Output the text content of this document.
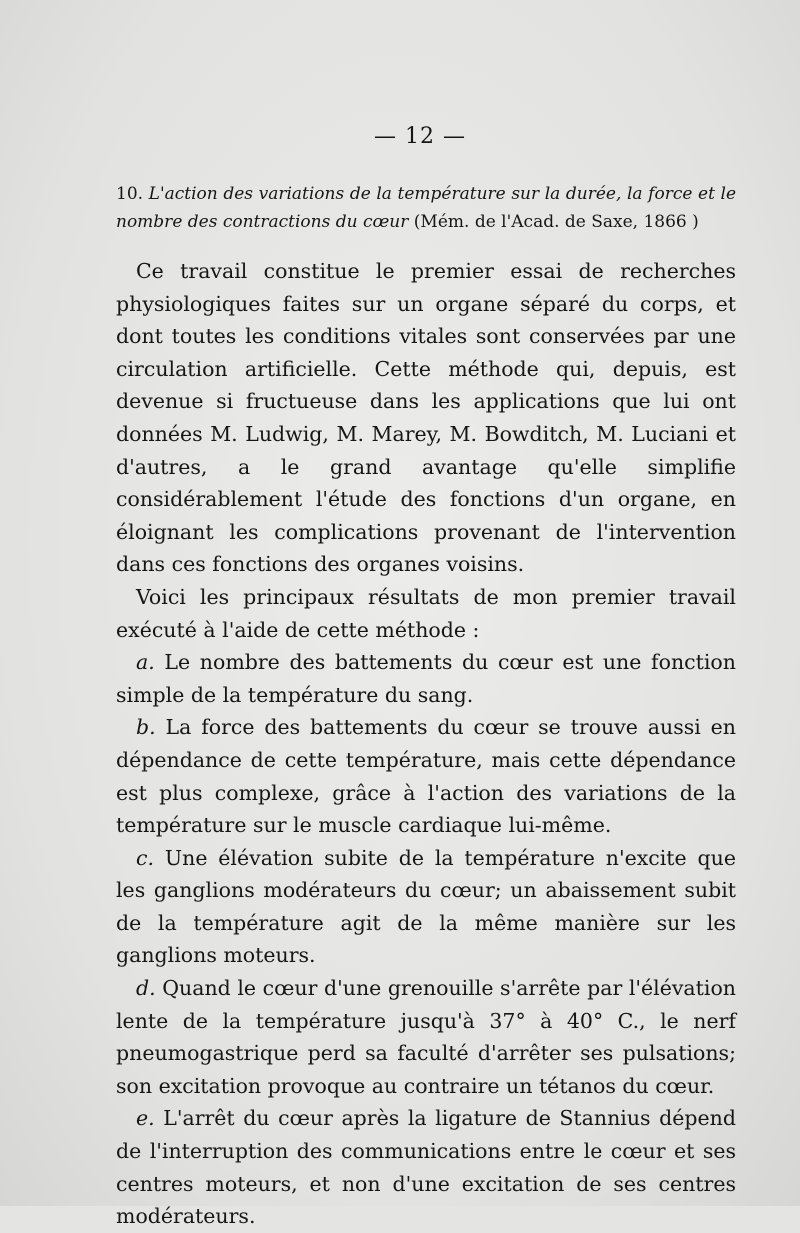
— 12 —
10. L'action des variations de la température sur la durée, la force et le nombre des contractions du cœur (Mém. de l'Acad. de Saxe, 1866 )

Ce travail constitue le premier essai de recherches physiologiques faites sur un organe séparé du corps, et dont toutes les conditions vitales sont conservées par une circulation artificielle. Cette méthode qui, depuis, est devenue si fructueuse dans les applications que lui ont données M. Ludwig, M. Marey, M. Bowditch, M. Luciani et d'autres, a le grand avantage qu'elle simplifie considérablement l'étude des fonctions d'un organe, en éloignant les complications provenant de l'intervention dans ces fonctions des organes voisins.

Voici les principaux résultats de mon premier travail exécuté à l'aide de cette méthode :

a. Le nombre des battements du cœur est une fonction simple de la température du sang.

b. La force des battements du cœur se trouve aussi en dépendance de cette température, mais cette dépendance est plus complexe, grâce à l'action des variations de la température sur le muscle cardiaque lui-même.

c. Une élévation subite de la température n'excite que les ganglions modérateurs du cœur; un abaissement subit de la température agit de la même manière sur les ganglions moteurs.

d. Quand le cœur d'une grenouille s'arrête par l'élévation lente de la température jusqu'à 37° à 40° C., le nerf pneumogastrique perd sa faculté d'arrêter ses pulsations; son excitation provoque au contraire un tétanos du cœur.

e. L'arrêt du cœur après la ligature de Stannius dépend de l'interruption des communications entre le cœur et ses centres moteurs, et non d'une excitation de ses centres modérateurs.
